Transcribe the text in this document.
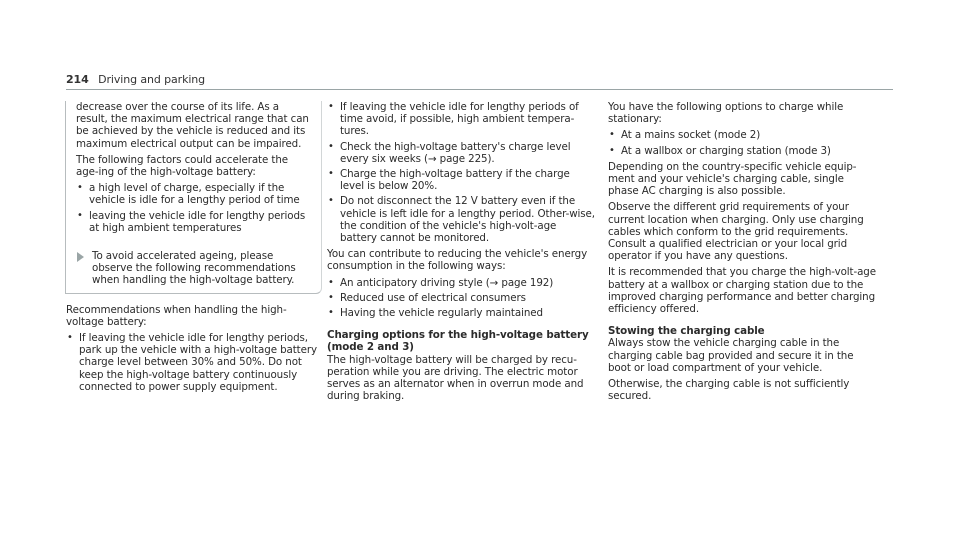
214 Driving and parking

decrease over the course of its life. As a result, the maximum electrical range that can be achieved by the vehicle is reduced and its maximum electrical output can be impaired.

The following factors could accelerate the age-ing of the high-voltage battery:

• a high level of charge, especially if the vehicle is idle for a lengthy period of time
• leaving the vehicle idle for lengthy periods at high ambient temperatures
To avoid accelerated ageing, please observe the following recommendations when handling the high-voltage battery.

Recommendations when handling the high-voltage battery:

• If leaving the vehicle idle for lengthy periods, park up the vehicle with a high-voltage battery charge level between 30% and 50%. Do not keep the high-voltage battery continuously connected to power supply equipment.
• If leaving the vehicle idle for lengthy periods of time avoid, if possible, high ambient tempera-tures.
• Check the high-voltage battery's charge level every six weeks (→ page 225).
• Charge the high-voltage battery if the charge level is below 20%.
• Do not disconnect the 12 V battery even if the vehicle is left idle for a lengthy period. Other-wise, the condition of the vehicle's high-volt-age battery cannot be monitored.

You can contribute to reducing the vehicle's energy consumption in the following ways:

• An anticipatory driving style (→ page 192)
• Reduced use of electrical consumers
• Having the vehicle regularly maintained
Charging options for the high-voltage battery (mode 2 and 3)

The high-voltage battery will be charged by recu-peration while you are driving. The electric motor serves as an alternator when in overrun mode and during braking.

You have the following options to charge while stationary:

• At a mains socket (mode 2)
• At a wallbox or charging station (mode 3)

Depending on the country-specific vehicle equip-ment and your vehicle's charging cable, single phase AC charging is also possible.

Observe the different grid requirements of your current location when charging. Only use charging cables which conform to the grid requirements. Consult a qualified electrician or your local grid operator if you have any questions.

It is recommended that you charge the high-volt-age battery at a wallbox or charging station due to the improved charging performance and better charging efficiency offered.

Stowing the charging cable

Always stow the vehicle charging cable in the charging cable bag provided and secure it in the boot or load compartment of your vehicle.

Otherwise, the charging cable is not sufficiently secured.
